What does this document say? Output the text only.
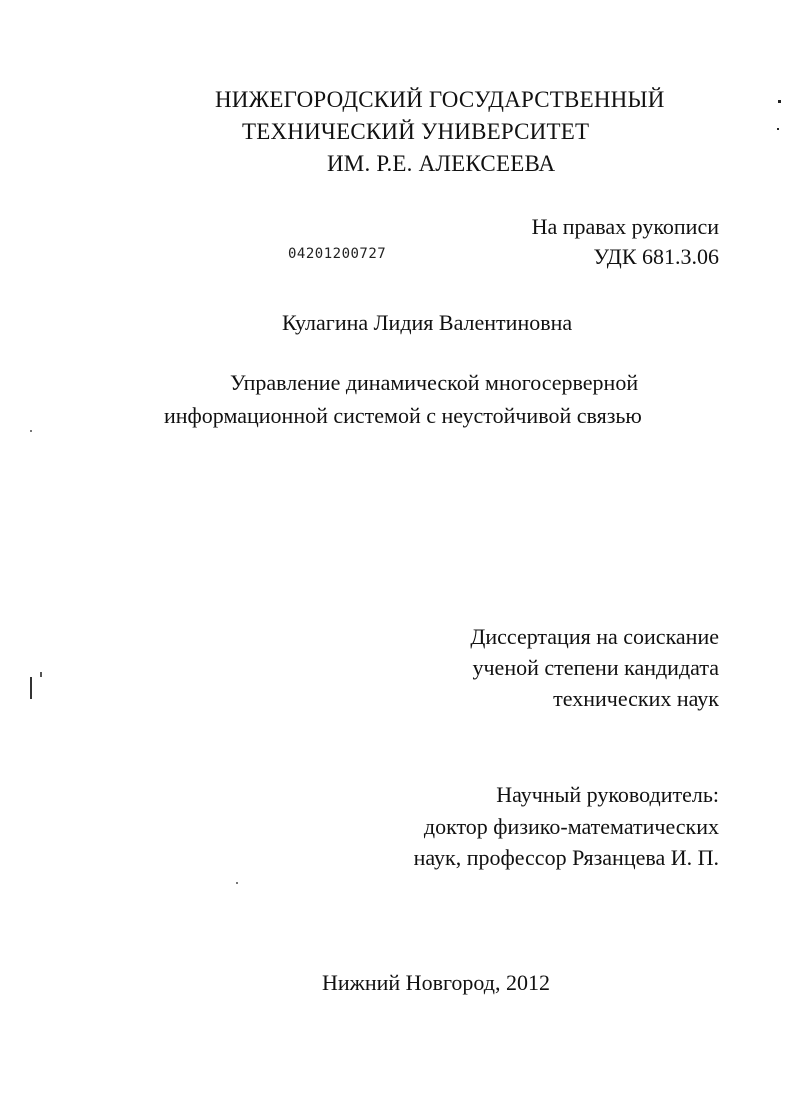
НИЖЕГОРОДСКИЙ ГОСУДАРСТВЕННЫЙ
ТЕХНИЧЕСКИЙ УНИВЕРСИТЕТ
ИМ. Р.Е. АЛЕКСЕЕВА
На правах рукописи
04201200727	УДК 681.3.06
Кулагина Лидия Валентиновна
Управление динамической многосерверной
информационной системой с неустойчивой связью
Диссертация на соискание
ученой степени кандидата
технических наук
Научный руководитель:
доктор физико-математических
наук, профессор Рязанцева И. П.
Нижний Новгород, 2012
